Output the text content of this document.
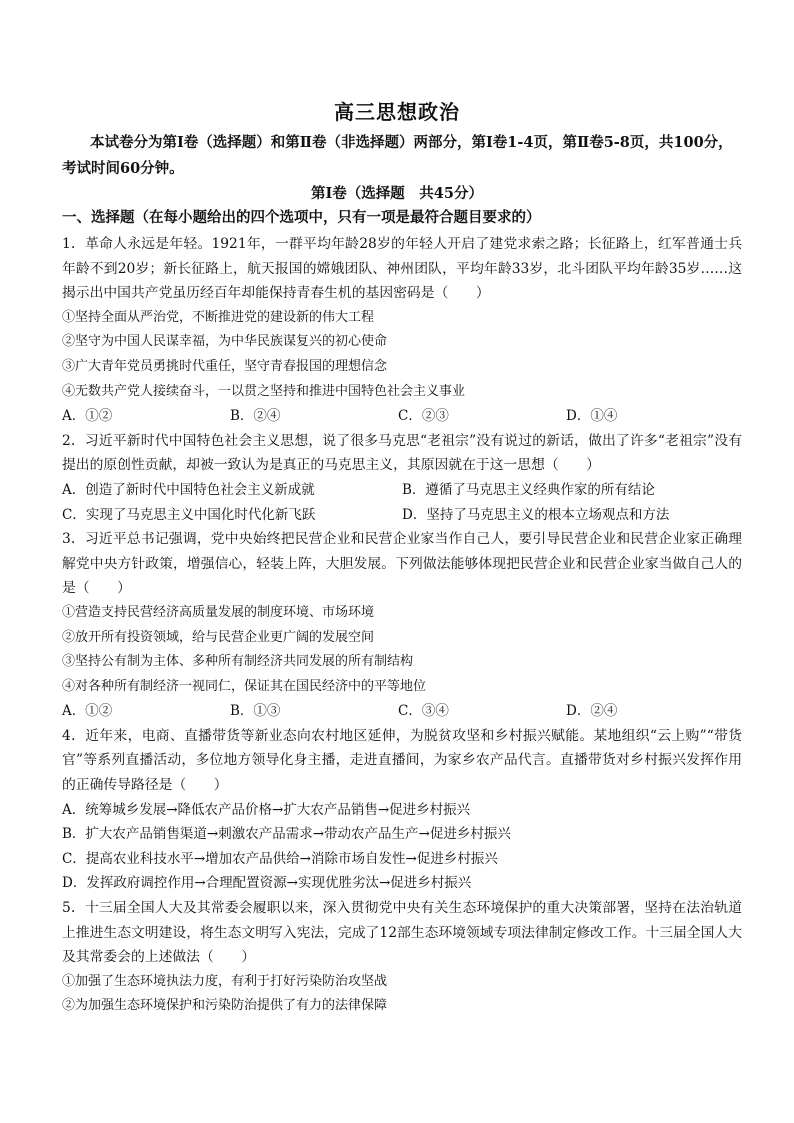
高三思想政治
本试卷分为第Ⅰ卷（选择题）和第Ⅱ卷（非选择题）两部分，第Ⅰ卷1-4页，第Ⅱ卷5-8页，共100分，考试时间60分钟。
第Ⅰ卷（选择题　共45分）
一、选择题（在每小题给出的四个选项中，只有一项是最符合题目要求的）

1．革命人永远是年轻。1921年，一群平均年龄28岁的年轻人开启了建党求索之路；长征路上，红军普通士兵年龄不到20岁；新长征路上，航天报国的嫦娥团队、神州团队，平均年龄33岁，北斗团队平均年龄35岁……这揭示出中国共产党虽历经百年却能保持青春生机的基因密码是（　　）

①坚持全面从严治党，不断推进党的建设新的伟大工程

②坚守为中国人民谋幸福，为中华民族谋复兴的初心使命

③广大青年党员勇挑时代重任，坚守青春报国的理想信念

④无数共产党人接续奋斗，一以贯之坚持和推进中国特色社会主义事业

A．①②	B．②④	C．②③	D．①④

2．习近平新时代中国特色社会主义思想，说了很多马克思“老祖宗”没有说过的新话，做出了许多“老祖宗”没有提出的原创性贡献，却被一致认为是真正的马克思主义，其原因就在于这一思想（　　）

A．创造了新时代中国特色社会主义新成就	B．遵循了马克思主义经典作家的所有结论
C．实现了马克思主义中国化时代化新飞跃	D．坚持了马克思主义的根本立场观点和方法

3．习近平总书记强调，党中央始终把民营企业和民营企业家当作自己人，要引导民营企业和民营企业家正确理解党中央方针政策，增强信心，轻装上阵，大胆发展。下列做法能够体现把民营企业和民营企业家当做自己人的是（　　）

①营造支持民营经济高质量发展的制度环境、市场环境

②放开所有投资领域，给与民营企业更广阔的发展空间

③坚持公有制为主体、多种所有制经济共同发展的所有制结构

④对各种所有制经济一视同仁，保证其在国民经济中的平等地位

A．①②	B．①③	C．③④	D．②④

4．近年来，电商、直播带货等新业态向农村地区延伸，为脱贫攻坚和乡村振兴赋能。某地组织“云上购”“带货官”等系列直播活动，多位地方领导化身主播，走进直播间，为家乡农产品代言。直播带货对乡村振兴发挥作用的正确传导路径是（　　）

A．统筹城乡发展→降低农产品价格→扩大农产品销售→促进乡村振兴
B．扩大农产品销售渠道→刺激农产品需求→带动农产品生产→促进乡村振兴
C．提高农业科技水平→增加农产品供给→消除市场自发性→促进乡村振兴
D．发挥政府调控作用→合理配置资源→实现优胜劣汰→促进乡村振兴

5．十三届全国人大及其常委会履职以来，深入贯彻党中央有关生态环境保护的重大决策部署，坚持在法治轨道上推进生态文明建设，将生态文明写入宪法，完成了12部生态环境领域专项法律制定修改工作。十三届全国人大及其常委会的上述做法（　　）

①加强了生态环境执法力度，有利于打好污染防治攻坚战

②为加强生态环境保护和污染防治提供了有力的法律保障
